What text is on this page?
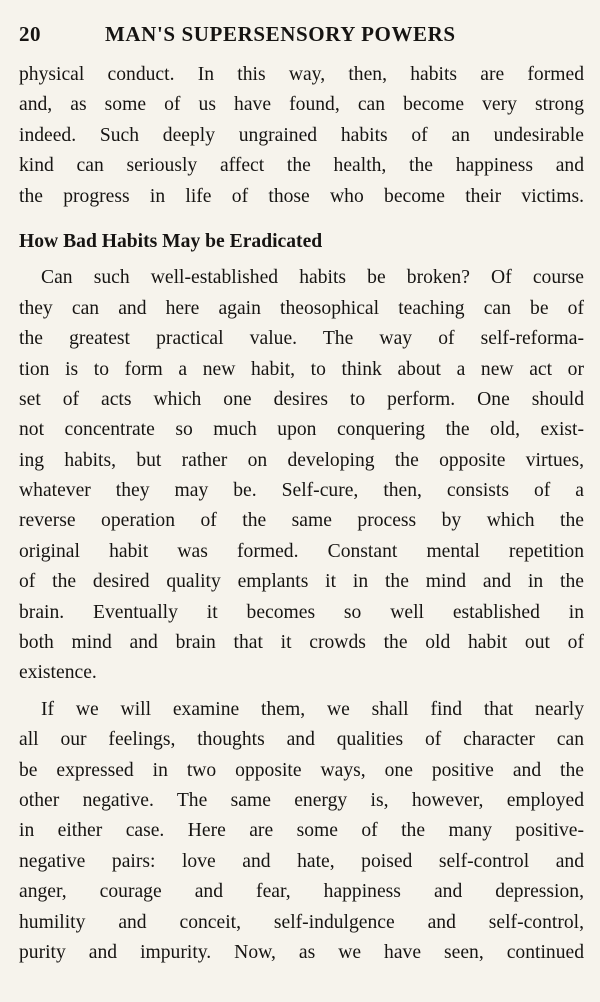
20	MAN'S SUPERSENSORY POWERS
physical conduct. In this way, then, habits are formed
and, as some of us have found, can become very strong
indeed. Such deeply ungrained habits of an undesirable
kind can seriously affect the health, the happiness and
the progress in life of those who become their victims.
How Bad Habits May be Eradicated
Can such well-established habits be broken? Of course
they can and here again theosophical teaching can be of
the greatest practical value. The way of self-reforma-
tion is to form a new habit, to think about a new act or
set of acts which one desires to perform. One should
not concentrate so much upon conquering the old, exist-
ing habits, but rather on developing the opposite virtues,
whatever they may be. Self-cure, then, consists of a
reverse operation of the same process by which the
original habit was formed. Constant mental repetition
of the desired quality emplants it in the mind and in the
brain. Eventually it becomes so well established in
both mind and brain that it crowds the old habit out of
existence.
If we will examine them, we shall find that nearly
all our feelings, thoughts and qualities of character can
be expressed in two opposite ways, one positive and the
other negative. The same energy is, however, employed
in either case. Here are some of the many positive-
negative pairs: love and hate, poised self-control and
anger, courage and fear, happiness and depression,
humility and conceit, self-indulgence and self-control,
purity and impurity. Now, as we have seen, continued
